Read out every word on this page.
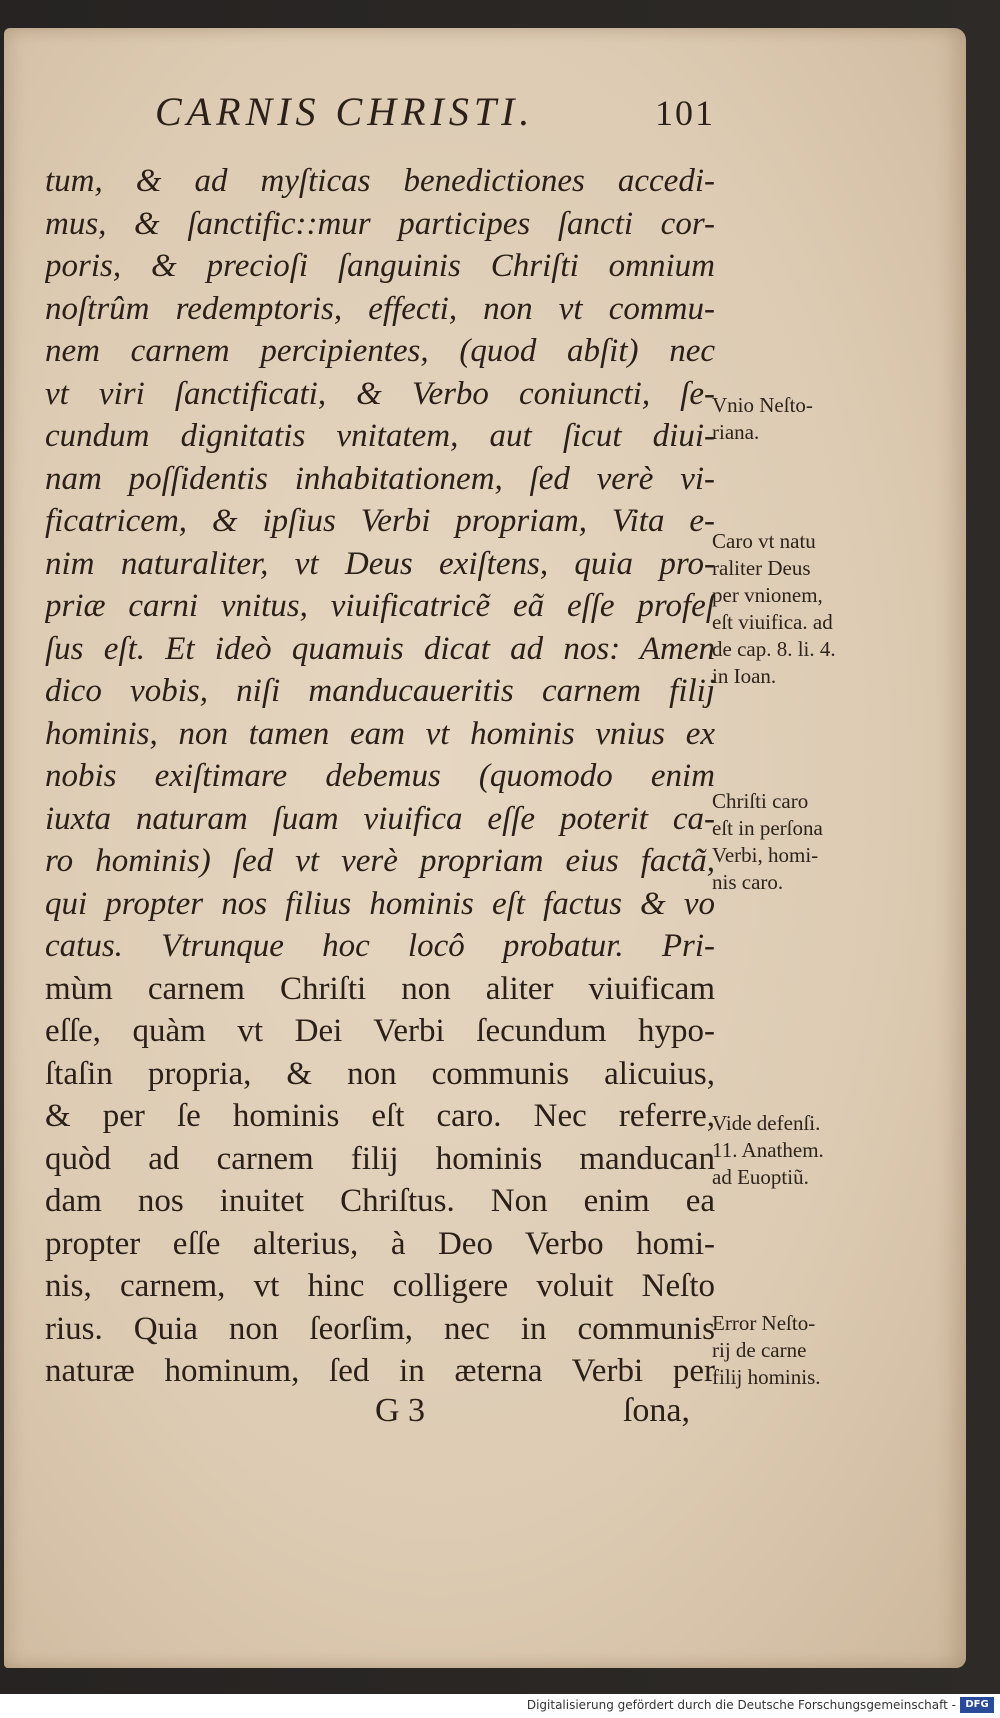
CARNIS CHRISTI.	101
tum, & ad myſticas benedictiones accedi-
mus, & ſanctific::mur participes ſancti cor-
poris, & precioſi ſanguinis Chriſti omnium
noſtrûm redemptoris, effecti, non vt commu-
nem carnem percipientes, (quod abſit) nec
vt viri ſanctificati, & Verbo coniuncti, ſe-
cundum dignitatis vnitatem, aut ſicut diui-
nam poſſidentis inhabitationem, ſed verè vi-
ficatricem, & ipſius Verbi propriam, Vita e-
nim naturaliter, vt Deus exiſtens, quia pro-
priæ carni vnitus, viuificatricẽ eã eſſe profeſ
ſus eſt. Et ideò quamuis dicat ad nos: Amen
dico vobis, niſi manducaueritis carnem filij
hominis, non tamen eam vt hominis vnius ex
nobis exiſtimare debemus (quomodo enim
iuxta naturam ſuam viuifica eſſe poterit ca-
ro hominis) ſed vt verè propriam eius factã,
qui propter nos filius hominis eſt factus & vo
catus. Vtrunque hoc locô probatur. Pri-
mùm carnem Chriſti non aliter viuificam
eſſe, quàm vt Dei Verbi ſecundum hypo-
ſtaſin propria, & non communis alicuius,
& per ſe hominis eſt caro. Nec referre,
quòd ad carnem filij hominis manducan
dam nos inuitet Chriſtus. Non enim ea
propter eſſe alterius, à Deo Verbo homi-
nis, carnem, vt hinc colligere voluit Neſto
rius. Quia non ſeorſim, nec in communis
naturæ hominum, ſed in æterna Verbi per
Vnio Neſto-
riana.
Caro vt natu
raliter Deus
per vnionem,
eſt viuifica. ad
de cap. 8. li. 4.
in Ioan.
Chriſti caro
eſt in perſona
Verbi, homi-
nis caro.
Vide defenſi.
11. Anathem.
ad Euoptiũ.
Error Neſto-
rij de carne
filij hominis.
G 3	ſona,
Digitalisierung gefördert durch die Deutsche Forschungsgemeinschaft - DFG
